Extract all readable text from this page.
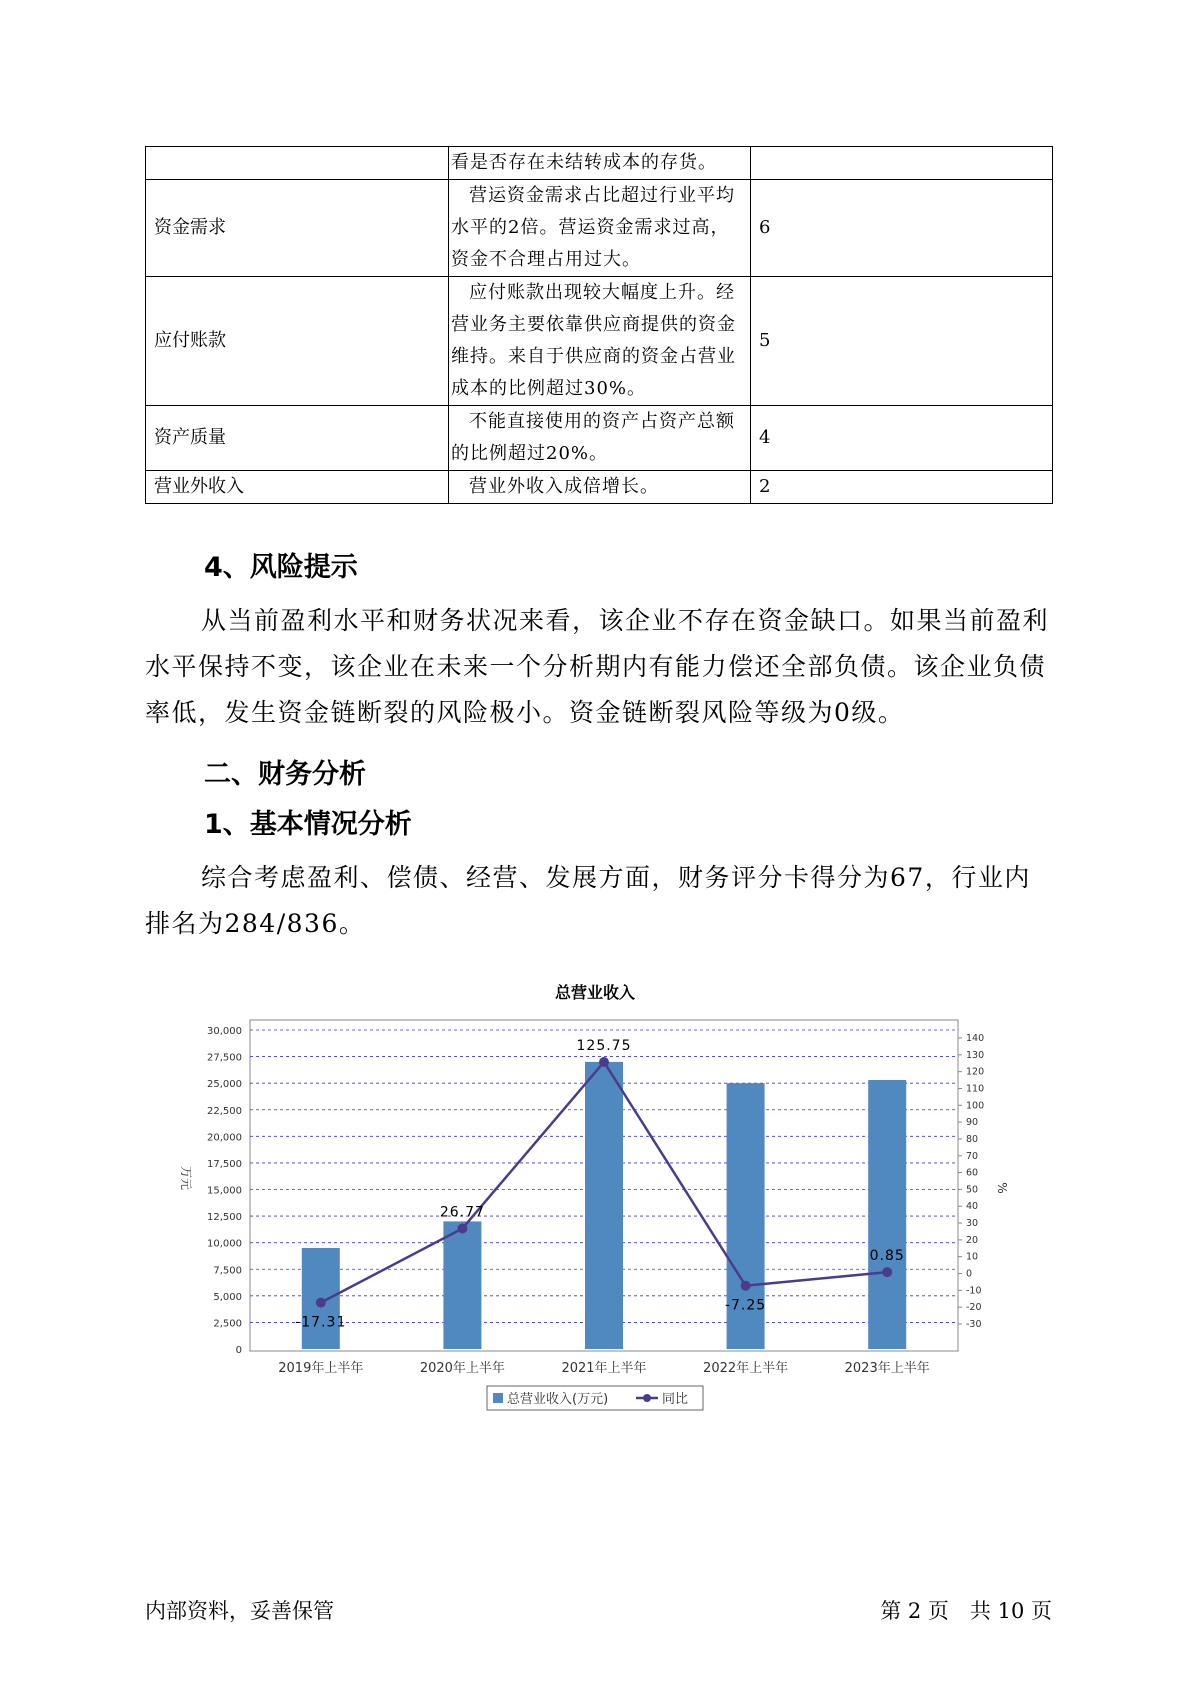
	看是否存在未结转成本的存货。	
资金需求	营运资金需求占比超过行业平均水平的2倍。营运资金需求过高，资金不合理占用过大。	6
应付账款	应付账款出现较大幅度上升。经营业务主要依靠供应商提供的资金维持。来自于供应商的资金占营业成本的比例超过30%。	5
资产质量	不能直接使用的资产占资产总额的比例超过20%。	4
营业外收入	营业外收入成倍增长。	2
4、风险提示
从当前盈利水平和财务状况来看，该企业不存在资金缺口。如果当前盈利水平保持不变，该企业在未来一个分析期内有能力偿还全部负债。该企业负债率低，发生资金链断裂的风险极小。资金链断裂风险等级为0级。
二、财务分析
1、基本情况分析
综合考虑盈利、偿债、经营、发展方面，财务评分卡得分为67，行业内排名为284/836。
总营业收入
0
2,500
5,000
7,500
10,000
12,500
15,000
17,500
20,000
22,500
25,000
27,500
30,000
-30
-20
-10
0
10
20
30
40
50
60
70
80
90
100
110
120
130
140
万元	%
2019年上半年	2020年上半年	2021年上半年	2022年上半年	2023年上半年
-17.31
26.77
125.75
-7.25
0.85
总营业收入(万元)	同比
内部资料，妥善保管	第 2 页　共 10 页
